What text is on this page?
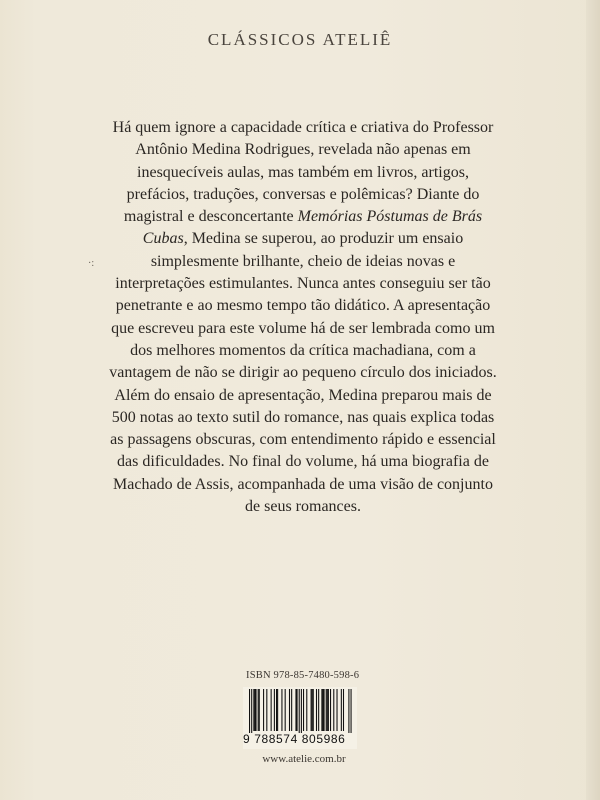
CLÁSSICOS ATELIÊ
·:
Há quem ignore a capacidade crítica e criativa do Professor
Antônio Medina Rodrigues, revelada não apenas em
inesquecíveis aulas, mas também em livros, artigos,
prefácios, traduções, conversas e polêmicas? Diante do
magistral e desconcertante Memórias Póstumas de Brás
Cubas, Medina se superou, ao produzir um ensaio
simplesmente brilhante, cheio de ideias novas e
interpretações estimulantes. Nunca antes conseguiu ser tão
penetrante e ao mesmo tempo tão didático. A apresentação
que escreveu para este volume há de ser lembrada como um
dos melhores momentos da crítica machadiana, com a
vantagem de não se dirigir ao pequeno círculo dos iniciados.
Além do ensaio de apresentação, Medina preparou mais de
500 notas ao texto sutil do romance, nas quais explica todas
as passagens obscuras, com entendimento rápido e essencial
das dificuldades. No final do volume, há uma biografia de
Machado de Assis, acompanhada de uma visão de conjunto
de seus romances.
ISBN 978-85-7480-598-6
9 788574 805986
www.atelie.com.br
